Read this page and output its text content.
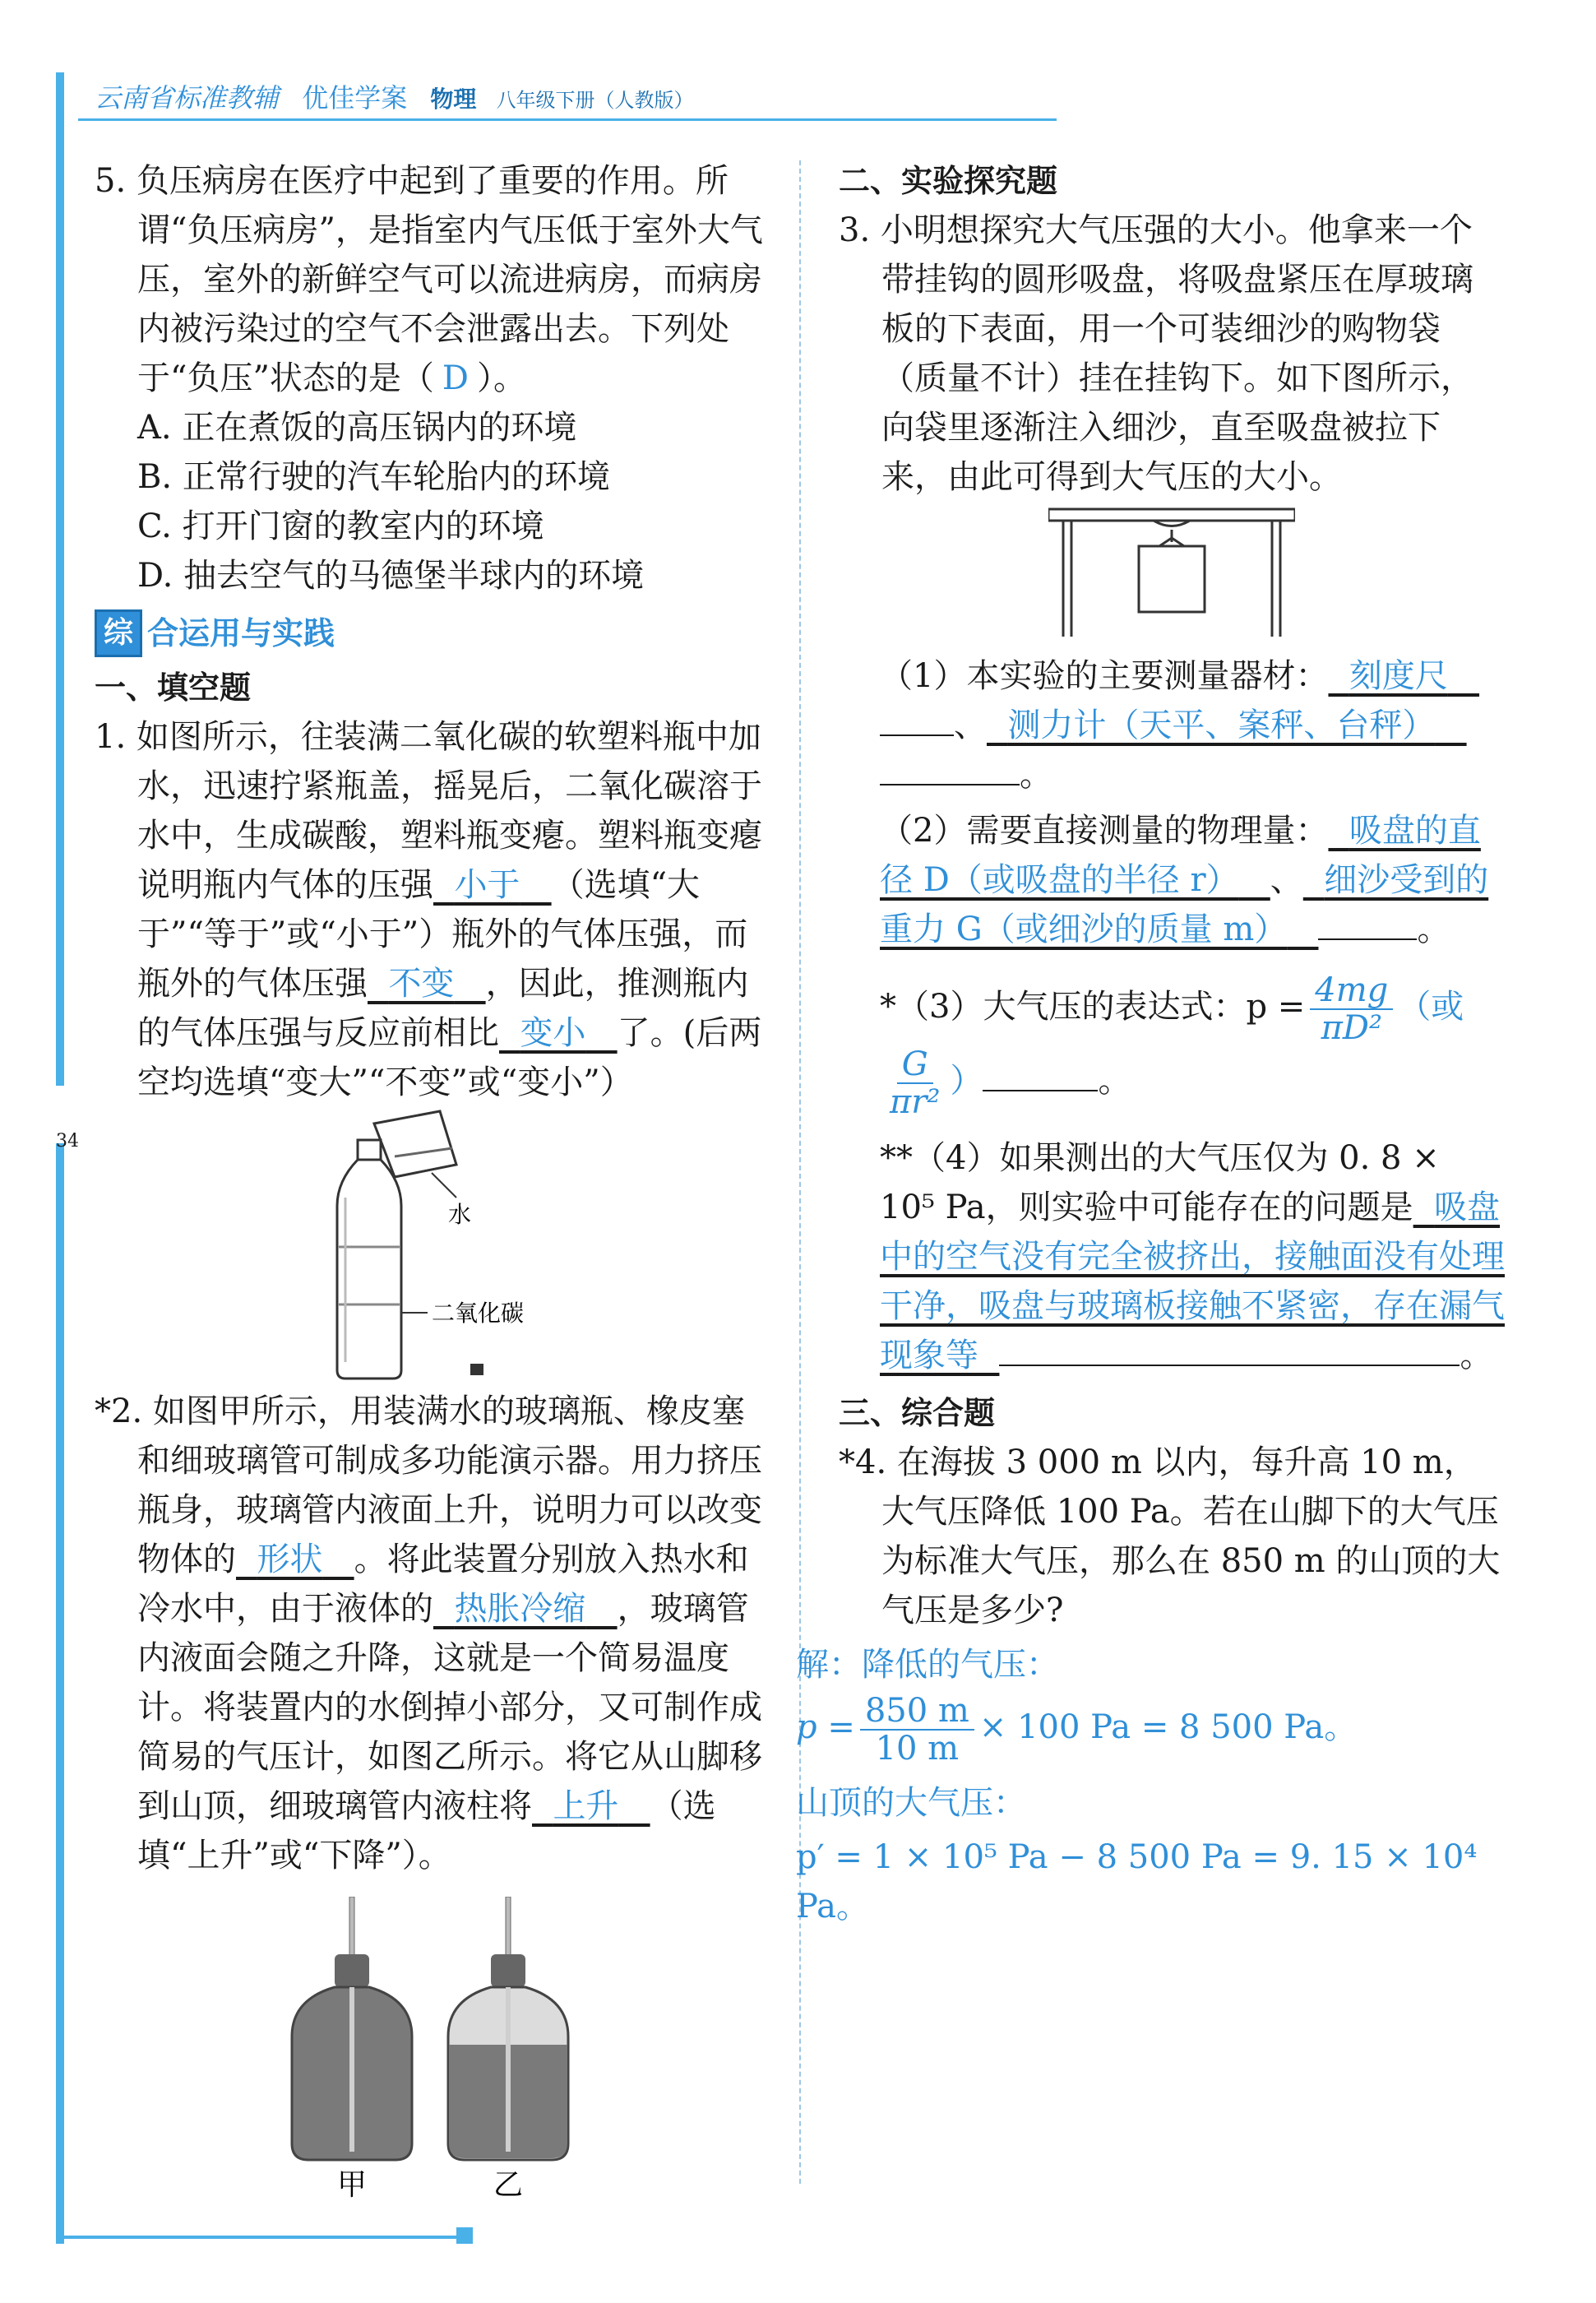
34
云南省标准教辅 优佳学案 物理 八年级下册（人教版）

5. 负压病房在医疗中起到了重要的作用。所谓“负压病房”，是指室内气压低于室外大气压，室外的新鲜空气可以流进病房，而病房内被污染过的空气不会泄露出去。下列处于“负压”状态的是（ D ）。

A. 正在煮饭的高压锅内的环境

B. 正常行驶的汽车轮胎内的环境

C. 打开门窗的教室内的环境

D. 抽去空气的马德堡半球内的环境

综 合运用与实践

一、填空题

1. 如图所示，往装满二氧化碳的软塑料瓶中加水，迅速拧紧瓶盖，摇晃后，二氧化碳溶于水中，生成碳酸，塑料瓶变瘪。塑料瓶变瘪说明瓶内气体的压强 小于 （选填“大于”“等于”或“小于”）瓶外的气体压强，而瓶外的气体压强 不变 ，因此，推测瓶内的气体压强与反应前相比 变小 了。(后两空均选填“变大”“不变”或“变小”）

水
二氧化碳

*2. 如图甲所示，用装满水的玻璃瓶、橡皮塞和细玻璃管可制成多功能演示器。用力挤压瓶身，玻璃管内液面上升，说明力可以改变物体的 形状 。将此装置分别放入热水和冷水中，由于液体的 热胀冷缩 ，玻璃管内液面会随之升降，这就是一个简易温度计。将装置内的水倒掉小部分，又可制作成简易的气压计，如图乙所示。将它从山脚移到山顶，细玻璃管内液柱将 上升 （选填“上升”或“下降”）。

甲	乙

二、实验探究题

3. 小明想探究大气压强的大小。他拿来一个带挂钩的圆形吸盘，将吸盘紧压在厚玻璃板的下表面，用一个可装细沙的购物袋（质量不计）挂在挂钩下。如下图所示，向袋里逐渐注入细沙，直至吸盘被拉下来，由此可得到大气压的大小。

（1）本实验的主要测量器材： 刻度尺   、 测力计（天平、案秤、台秤）   。

（2）需要直接测量的物理量： 吸盘的直径 D（或吸盘的半径 r） 、 细沙受到的重力 G（或细沙的质量 m）	。

*（3）大气压的表达式：$p = \frac{4mg}{\text{πD²}}$ （或
$\frac{G}{\text{πr²}}$ ）	。

**（4）如果测出的大气压仅为 0. 8 × 10⁵ Pa，则实验中可能存在的问题是 吸盘中的空气没有完全被挤出，接触面没有处理干净，吸盘与玻璃板接触不紧密，存在漏气现象等	。

三、综合题

*4. 在海拔 3 000 m 以内，每升高 10 m，大气压降低 100 Pa。若在山脚下的大气压为标准大气压，那么在 850 m 的山顶的大气压是多少?

解：降低的气压：

$p = \frac{850 m}{10 m} \times 100$ Pa = 8 500 Pa。

山顶的大气压：

p′ = 1 × 10⁵ Pa − 8 500 Pa = 9. 15 × 10⁴ Pa。
